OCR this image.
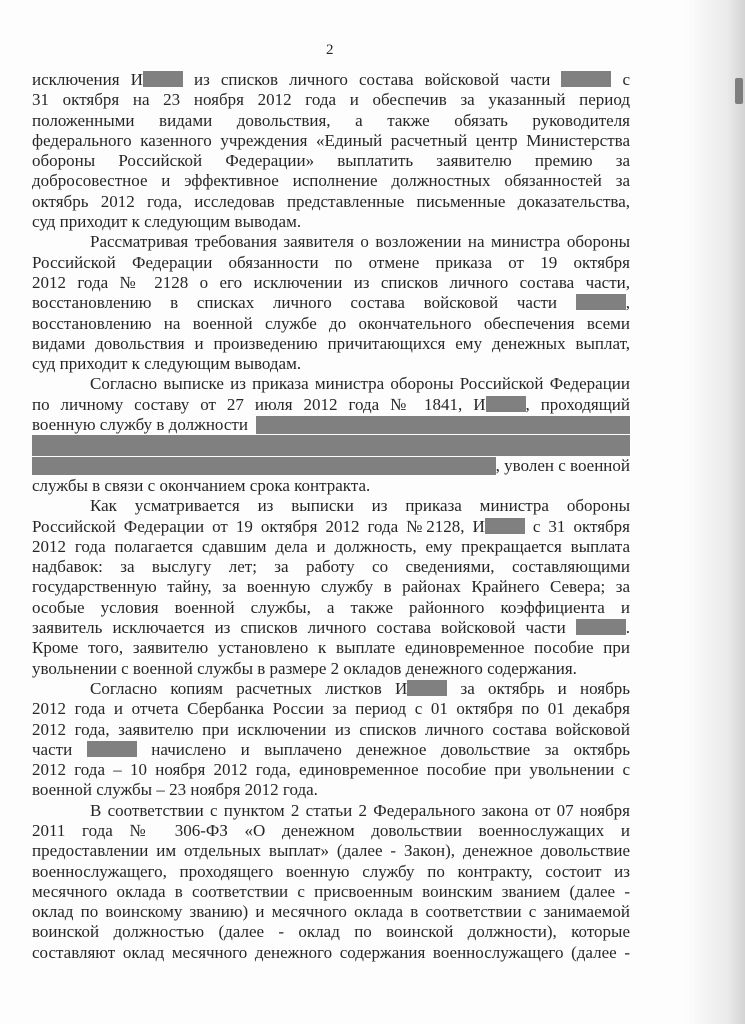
2
исключения И из списков личного состава войсковой части	с
31 октября на 23 ноября 2012 года и обеспечив за указанный период
положенными видами довольствия, а также обязать руководителя
федерального казенного учреждения «Единый расчетный центр Министерства
обороны Российской Федерации» выплатить заявителю премию за
добросовестное и эффективное исполнение должностных обязанностей за
октябрь 2012 года, исследовав представленные письменные доказательства,
суд приходит к следующим выводам.
Рассматривая требования заявителя о возложении на министра обороны
Российской Федерации обязанности по отмене приказа от 19 октября
2012 года № 2128 о его исключении из списков личного состава части,
восстановлению в списках личного состава войсковой части	,
восстановлению на военной службе до окончательного обеспечения всеми
видами довольствия и произведению причитающихся ему денежных выплат,
суд приходит к следующим выводам.
Согласно выписке из приказа министра обороны Российской Федерации
по личному составу от 27 июля 2012 года № 1841, И , проходящий
военную службу в должности
, уволен с военной
службы в связи с окончанием срока контракта.
Как усматривается из выписки из приказа министра обороны
Российской Федерации от 19 октября 2012 года №2128, И с 31 октября
2012 года полагается сдавшим дела и должность, ему прекращается выплата
надбавок: за выслугу лет; за работу со сведениями, составляющими
государственную тайну, за военную службу в районах Крайнего Севера; за
особые условия военной службы, а также районного коэффициента и
заявитель исключается из списков личного состава войсковой части	.
Кроме того, заявителю установлено к выплате единовременное пособие при
увольнении с военной службы в размере 2 окладов денежного содержания.
Согласно копиям расчетных листков И за октябрь и ноябрь
2012 года и отчета Сбербанка России за период с 01 октября по 01 декабря
2012 года, заявителю при исключении из списков личного состава войсковой
части	начислено и выплачено денежное довольствие за октябрь
2012 года – 10 ноября 2012 года, единовременное пособие при увольнении с
военной службы – 23 ноября 2012 года.
В соответствии с пунктом 2 статьи 2 Федерального закона от 07 ноября
2011 года № 306-ФЗ «О денежном довольствии военнослужащих и
предоставлении им отдельных выплат» (далее - Закон), денежное довольствие
военнослужащего, проходящего военную службу по контракту, состоит из
месячного оклада в соответствии с присвоенным воинским званием (далее -
оклад по воинскому званию) и месячного оклада в соответствии с занимаемой
воинской должностью (далее - оклад по воинской должности), которые
составляют оклад месячного денежного содержания военнослужащего (далее -
